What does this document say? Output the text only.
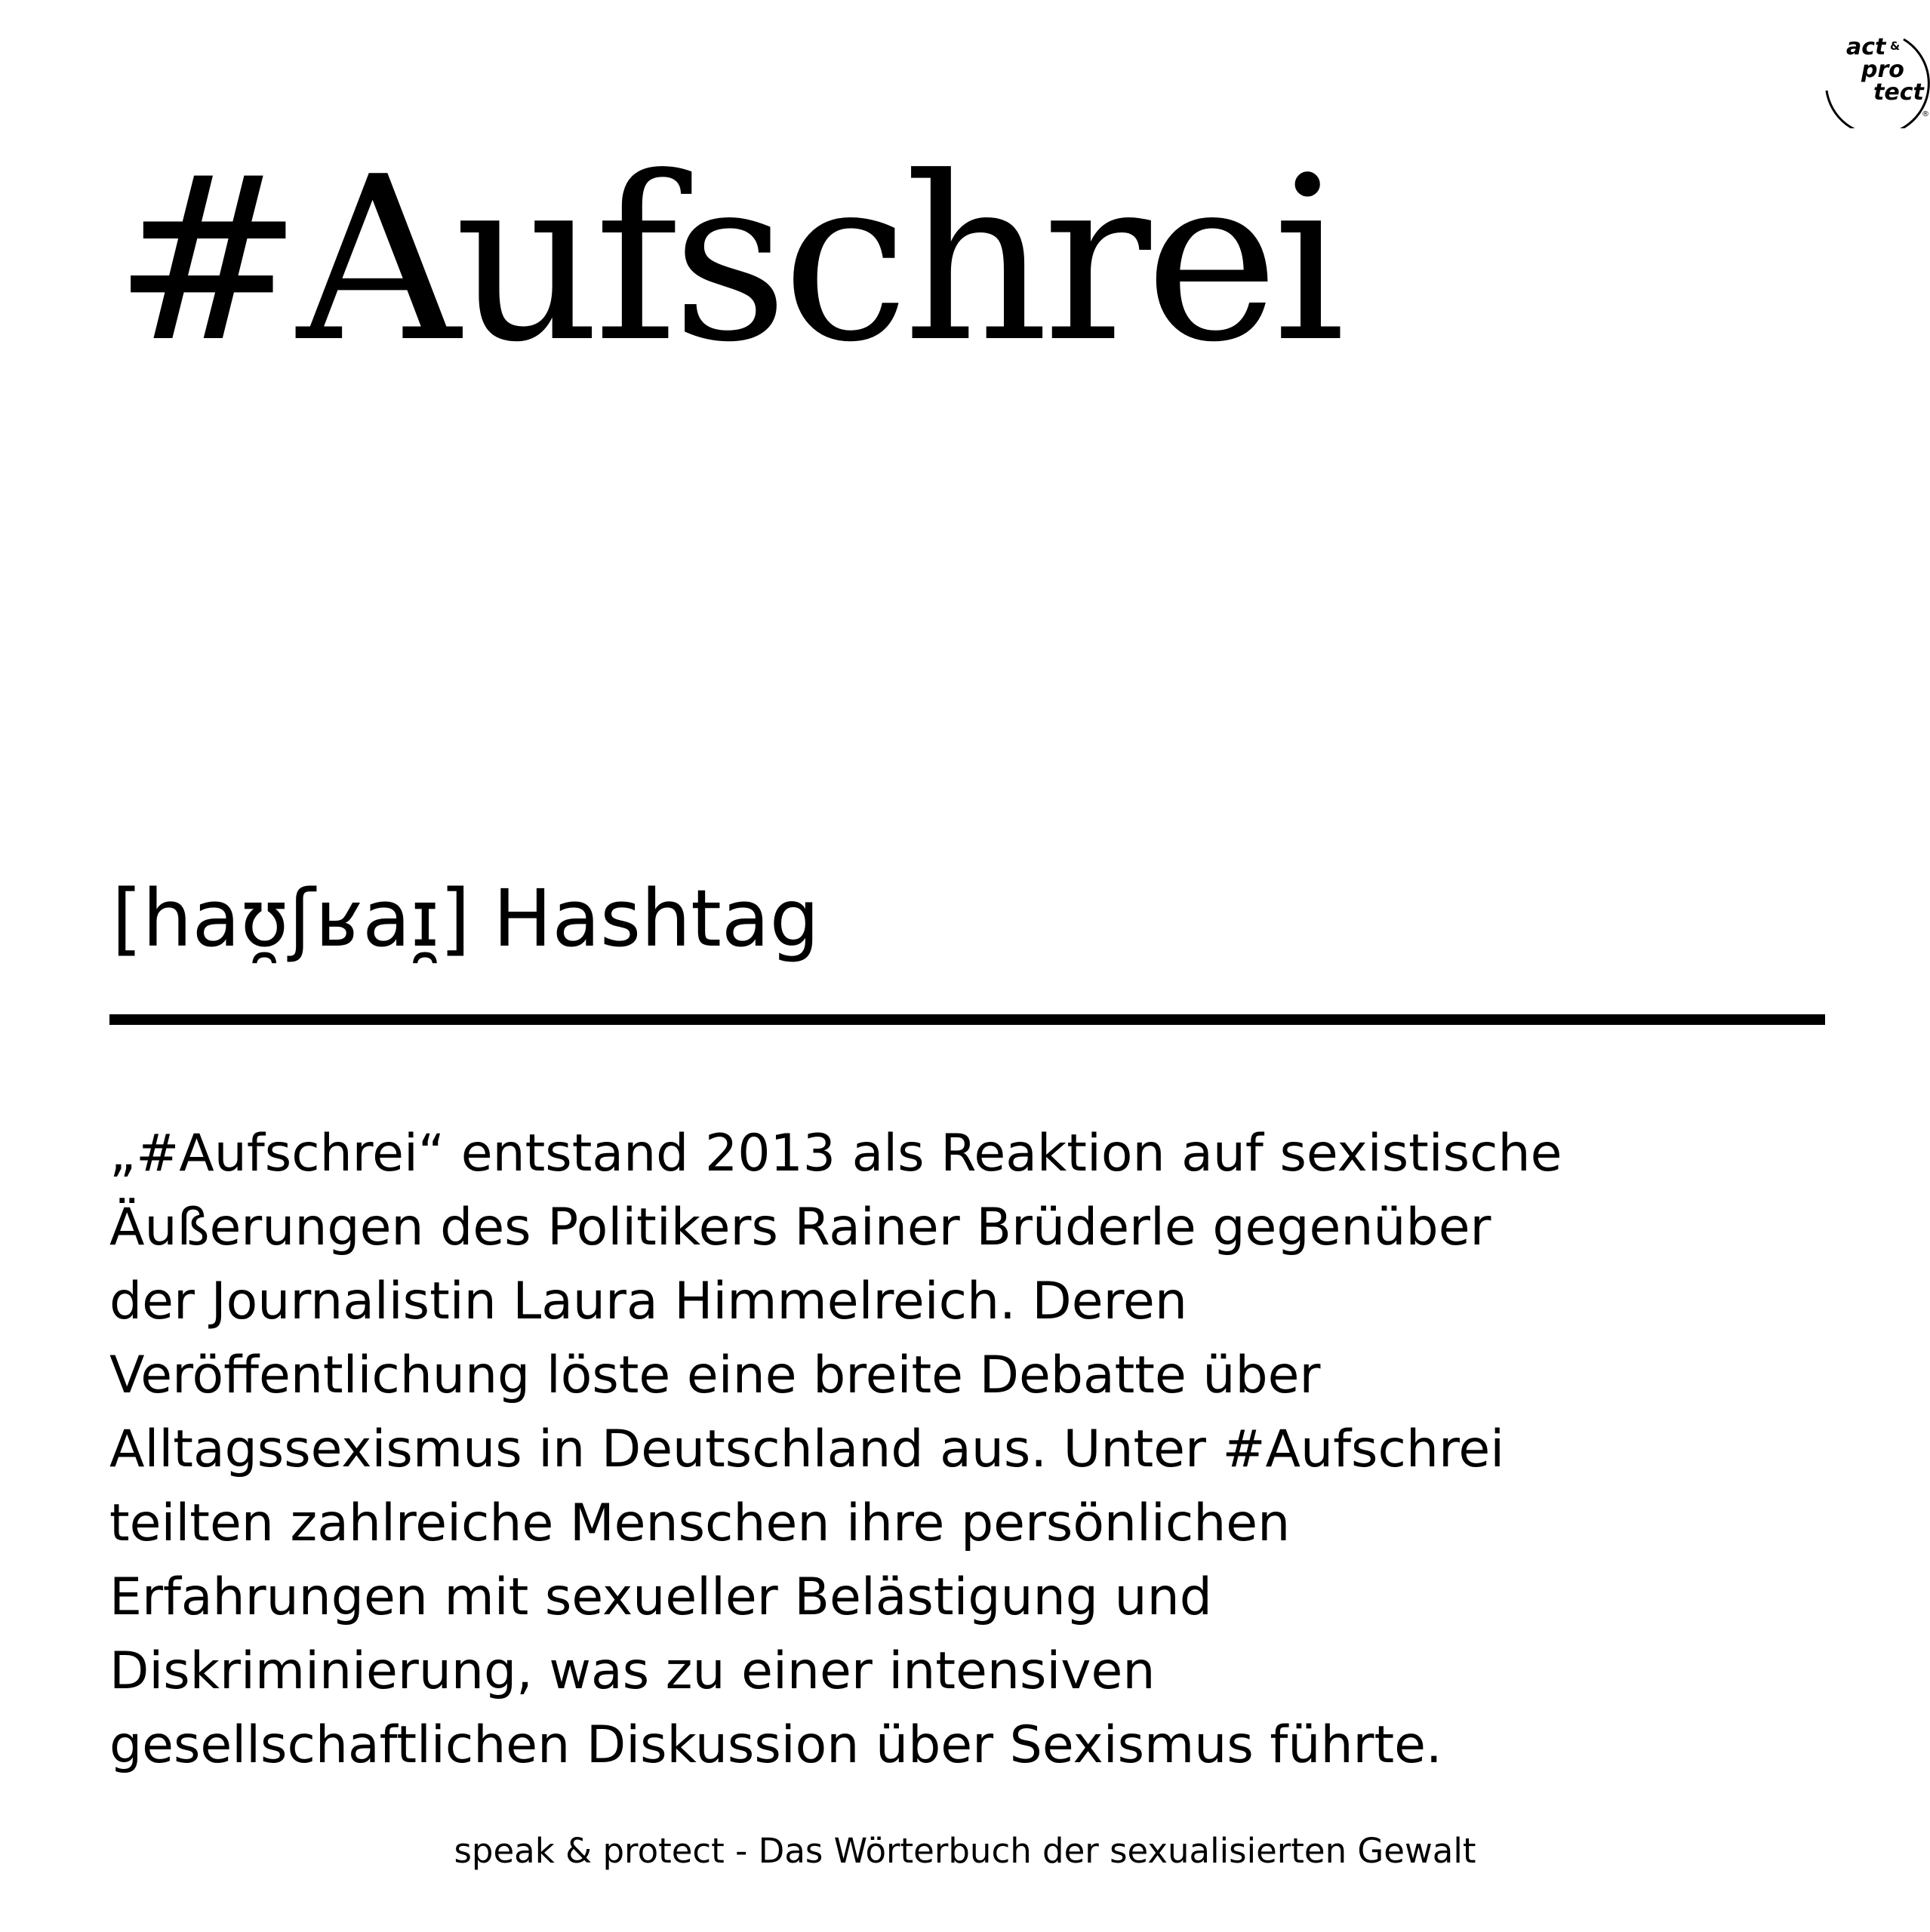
act &
pro
tect
®
#Aufschrei

[haʊ̯ʃʁaɪ̯] Hashtag

„#Aufschrei“ entstand 2013 als Reaktion auf sexistische
Äußerungen des Politikers Rainer Brüderle gegenüber
der Journalistin Laura Himmelreich. Deren
Veröffentlichung löste eine breite Debatte über
Alltagssexismus in Deutschland aus. Unter #Aufschrei
teilten zahlreiche Menschen ihre persönlichen
Erfahrungen mit sexueller Belästigung und
Diskriminierung, was zu einer intensiven
gesellschaftlichen Diskussion über Sexismus führte.

speak & protect - Das Wörterbuch der sexualisierten Gewalt
